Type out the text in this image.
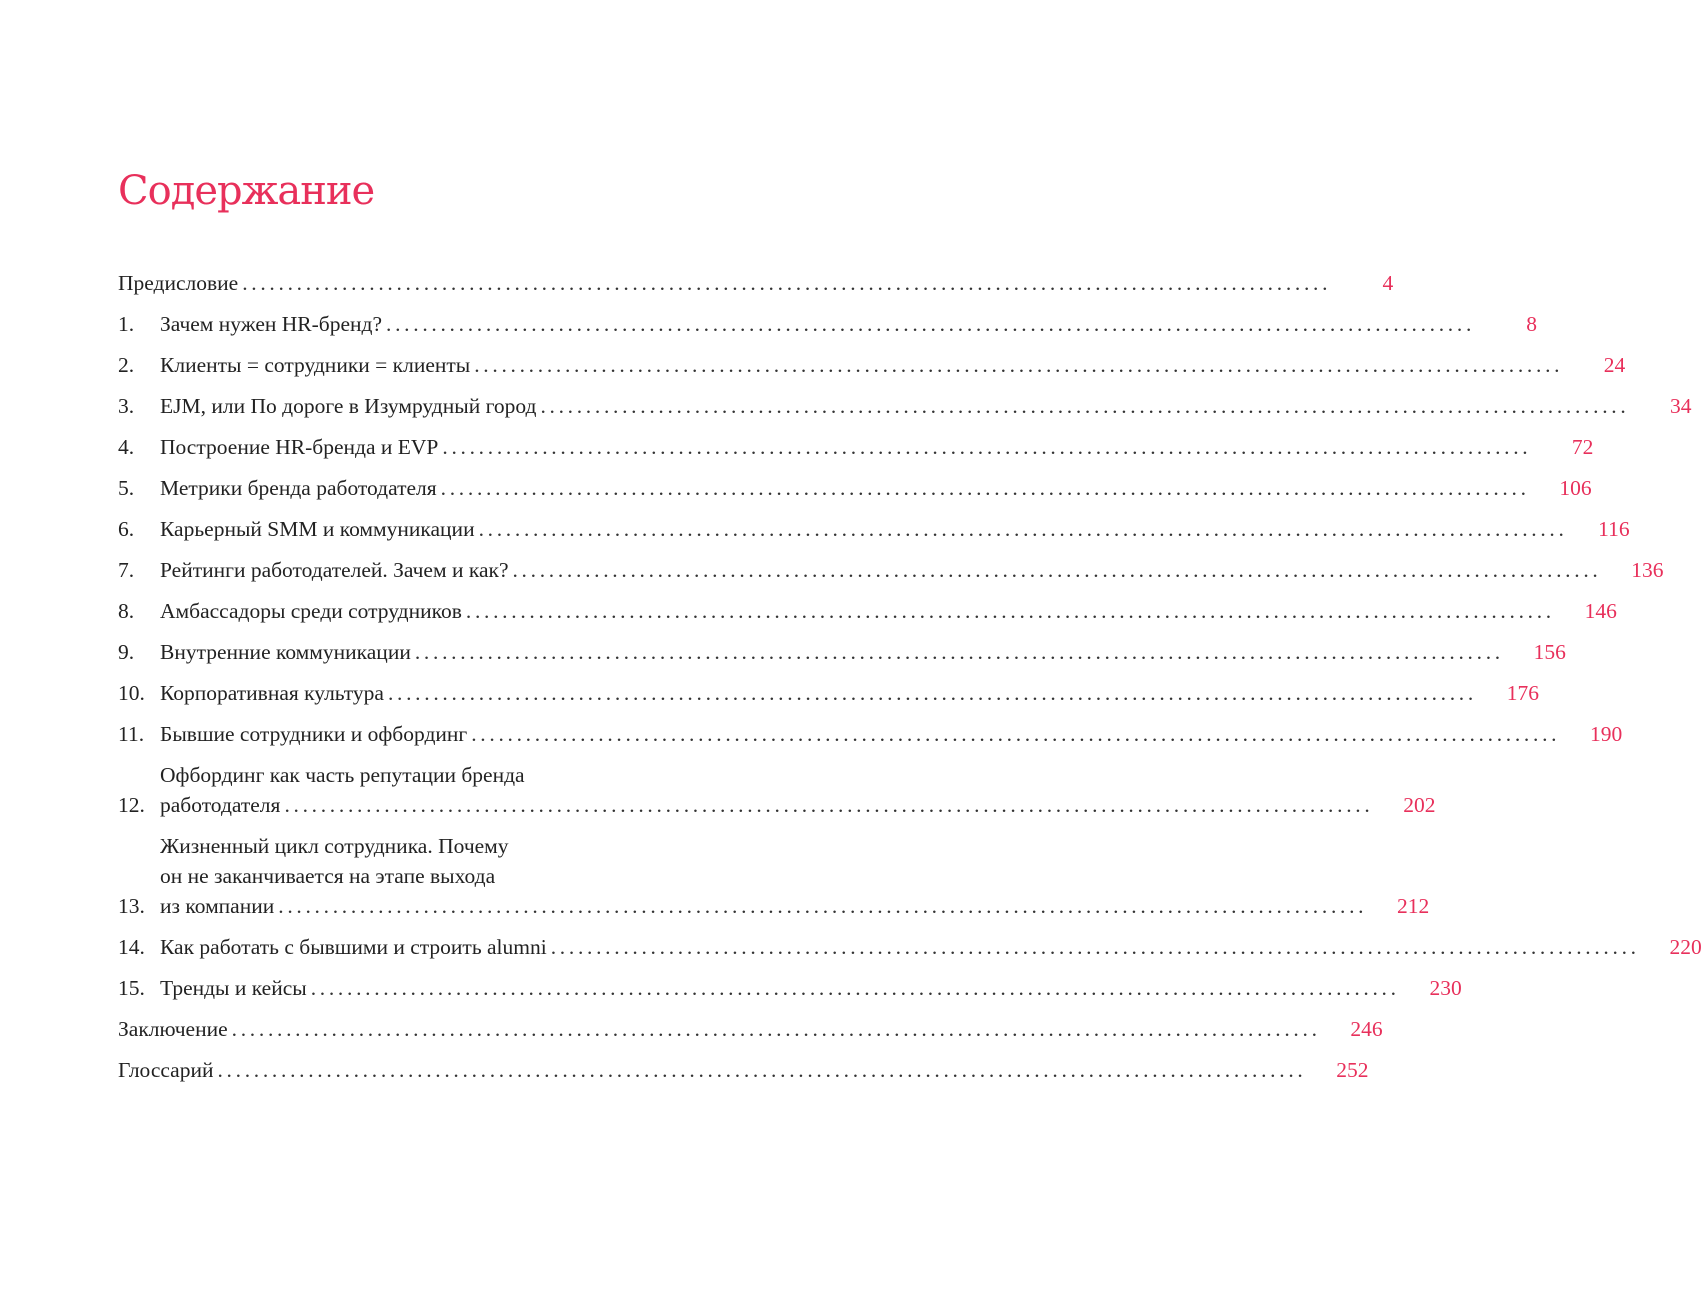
Содержание
Предисловие ........................................................................................................................	4
1.	Зачем нужен HR-бренд? ........................................................................................................................	8
2.	Клиенты = сотрудники = клиенты ........................................................................................................................	24
3.	EJM, или По дороге в Изумрудный город ........................................................................................................................	34
4.	Построение HR-бренда и EVP ........................................................................................................................	72
5.	Метрики бренда работодателя ........................................................................................................................	106
6.	Карьерный SMM и коммуникации ........................................................................................................................	116
7.	Рейтинги работодателей. Зачем и как? ........................................................................................................................	136
8.	Амбассадоры среди сотрудников ........................................................................................................................	146
9.	Внутренние коммуникации ........................................................................................................................	156
10. Корпоративная культура ........................................................................................................................	176
11. Бывшие сотрудники и офбординг ........................................................................................................................	190
12.
Офбординг как часть репутации бренда
работодателя ........................................................................................................................	202
13.
Жизненный цикл сотрудника. Почему
он не заканчивается на этапе выхода
из компании ........................................................................................................................	212
14. Как работать с бывшими и строить alumni ........................................................................................................................	220
15. Тренды и кейсы ........................................................................................................................	230
Заключение ........................................................................................................................	246
Глоссарий ........................................................................................................................	252
